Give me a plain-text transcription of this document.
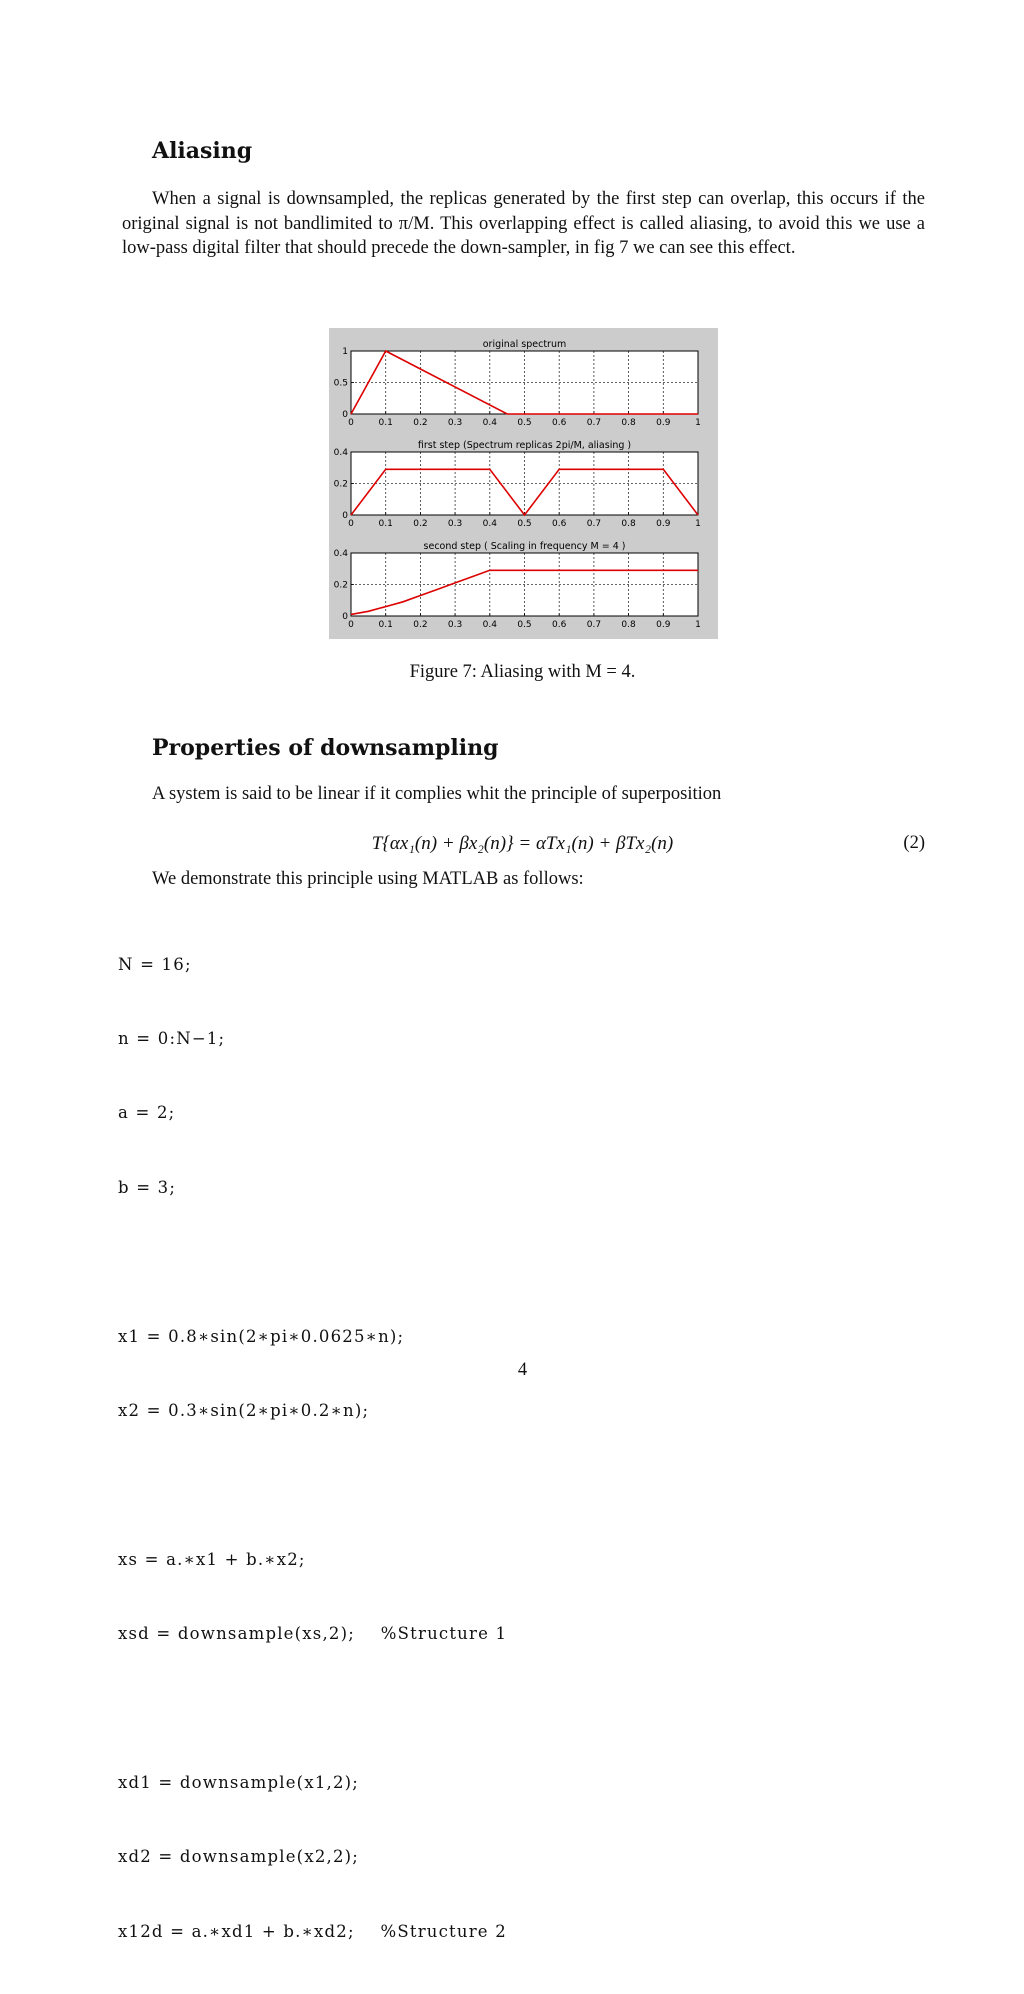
Aliasing

When a signal is downsampled, the replicas generated by the first step can overlap, this occurs if the original signal is not bandlimited to π/M. This overlapping effect is called aliasing, to avoid this we use a low-pass digital filter that should precede the down-sampler, in fig 7 we can see this effect.

0	0.1 0.2 0.3 0.4 0.5 0.6 0.7 0.8 0.9	1
0
0.5
1
original spectrum
0	0.1 0.2 0.3 0.4 0.5 0.6 0.7 0.8 0.9	1
0
0.2
0.4
first step (Spectrum replicas 2pi/M, aliasing )
0	0.1 0.2 0.3 0.4 0.5 0.6 0.7 0.8 0.9	1
0
0.2
0.4
second step ( Scaling in frequency M = 4 )
Figure 7: Aliasing with M = 4.
Properties of downsampling

A system is said to be linear if it complies whit the principle of superposition

T{αx₁(n) + βx₂(n)} = αTx₁(n) + βTx₂(n)	(2)

We demonstrate this principle using MATLAB as follows:

N = 16;

n = 0:N−1;

a = 2;

b = 3;

x1 = 0.8∗sin(2∗pi∗0.0625∗n);

x2 = 0.3∗sin(2∗pi∗0.2∗n);

xs = a.∗x1 + b.∗x2;

xsd = downsample(xs,2);    %Structure 1

xd1 = downsample(x1,2);

xd2 = downsample(x2,2);

x12d = a.∗xd1 + b.∗xd2;    %Structure 2

4
